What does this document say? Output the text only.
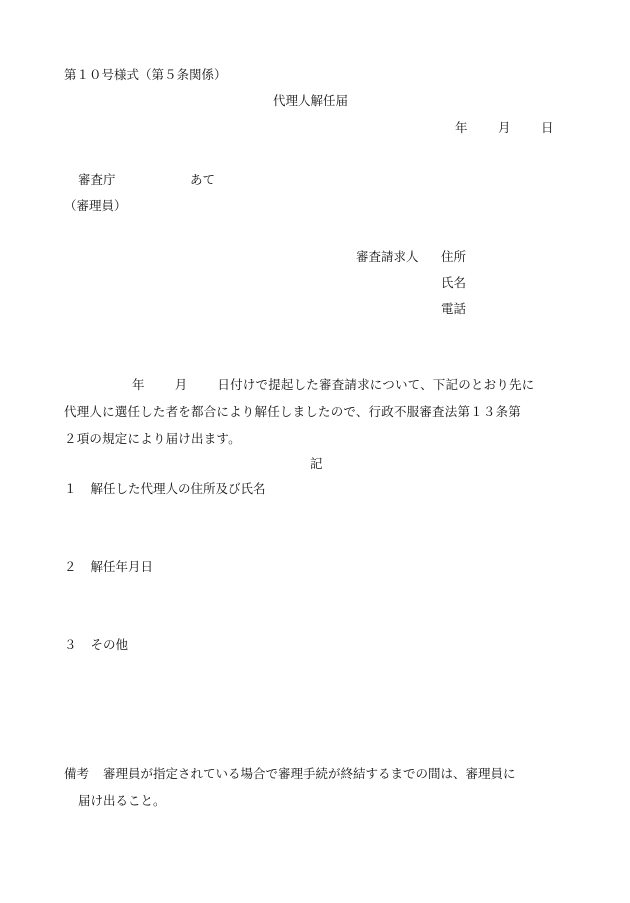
第１０号様式（第５条関係）
代理人解任届
年 月 日
審査庁	あて
（審理員）
審査請求人 住所
氏名
電話
年 月 日付けで提起した審査請求について、下記のとおり先に
代理人に選任した者を都合により解任しましたので、行政不服審査法第１３条第
２項の規定により届け出ます。
記
１ 解任した代理人の住所及び氏名
２ 解任年月日
３ その他
備考 審理員が指定されている場合で審理手続が終結するまでの間は、審理員に
届け出ること。
